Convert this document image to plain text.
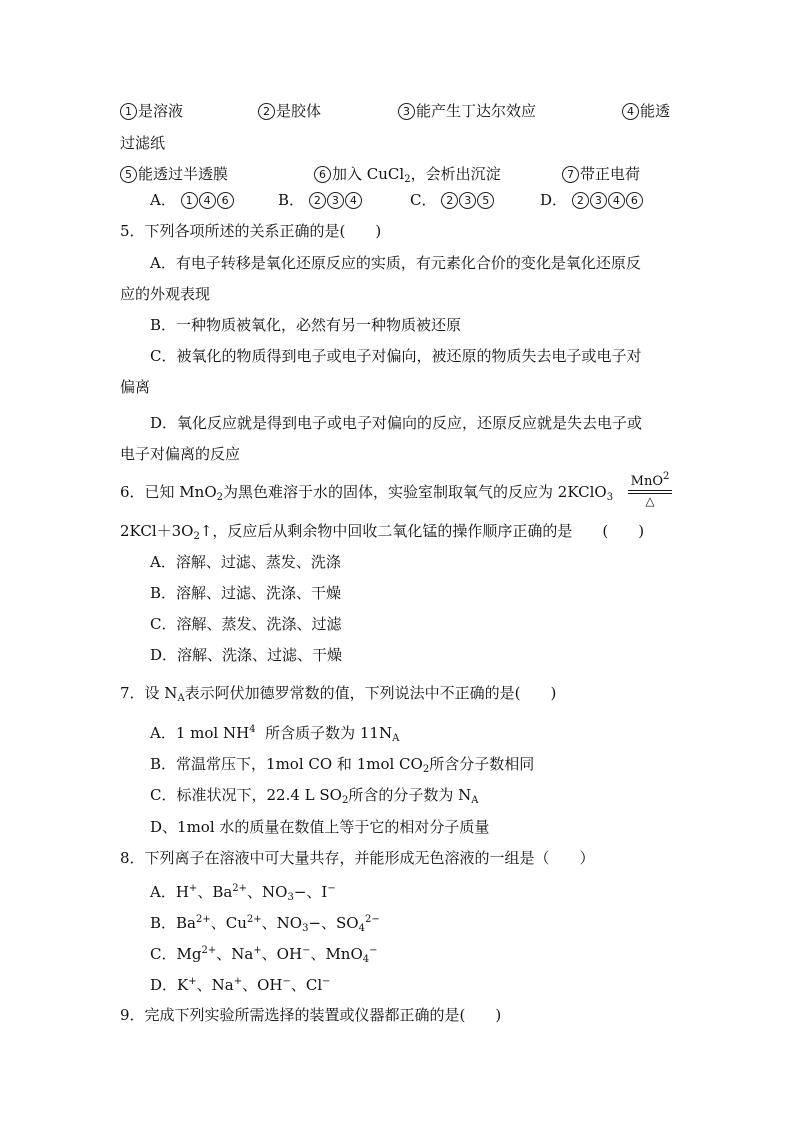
1 是溶液	2 是胶体	3 能产生丁达尔效应	4 能透
过滤纸
5 能透过半透膜	6 加入 CuCl$_2$，会析出沉淀	7 带正电荷
A． 1 4 6	B． 2 3 4	C． 2 3 5	D． 2 3 4 6
5．下列各项所述的关系正确的是(　　)
A．有电子转移是氧化还原反应的实质，有元素化合价的变化是氧化还原反
应的外观表现
B．一种物质被氧化，必然有另一种物质被还原
C．被氧化的物质得到电子或电子对偏向，被还原的物质失去电子或电子对
偏离
D．氧化反应就是得到电子或电子对偏向的反应，还原反应就是失去电子或
电子对偏离的反应
6．已知 MnO$_2$为黑色难溶于水的固体，实验室制取氧气的反应为 2KClO$_3$
MnO$^2$
△
$2KCl+3O_2↑$，反应后从剩余物中回收二氧化锰的操作顺序正确的是　　(　　)
A．溶解、过滤、蒸发、洗涤
B．溶解、过滤、洗涤、干燥
C．溶解、蒸发、洗涤、过滤
D．溶解、洗涤、过滤、干燥
7．设 $N_A$表示阿伏加德罗常数的值，下列说法中不正确的是(　　)
A．1 mol $NH^4$ 所含质子数为 $11N_A$
B．常温常压下，1mol CO 和 1mol $CO_2$所含分子数相同
C．标准状况下，22.4 L $SO_2$所含的分子数为 $N_A$
D、1mol 水的质量在数值上等于它的相对分子质量
8．下列离子在溶液中可大量共存，并能形成无色溶液的一组是（　　）
A．H+、$Ba^{2+}$、$NO_3-$、I−
B．$Ba^{2+}$、$Cu^{2+}$、$NO_3-$、$SO_4^{2-}$
C．$Mg^{2+}$、Na+、OH−、MnO$_4$−
D．K+、Na+、OH−、Cl−
9．完成下列实验所需选择的装置或仪器都正确的是(　　)
